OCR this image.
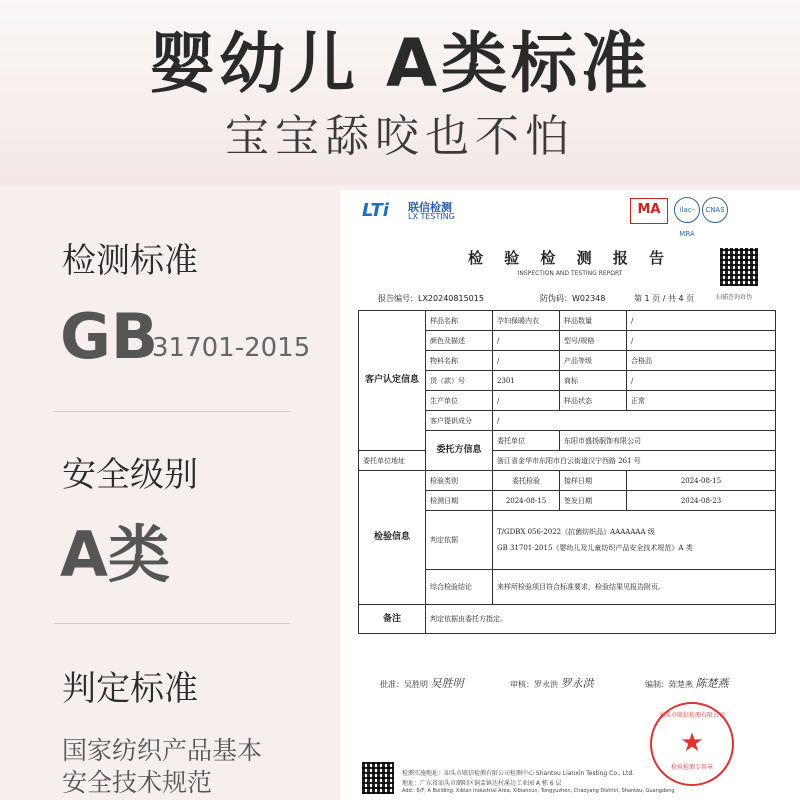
婴幼儿 A类标准
宝宝舔咬也不怕
检测标准
GB
31701-2015
安全级别
A类
判定标准
国家纺织产品基本
安全技术规范
LTi 联信检测
LX TESTING	MA	ilac-MRA
CNAS
检 验 检 测 报 告
INSPECTION AND TESTING REPORT
扫描查询真伪
报告编号：LX20240815015	防伪码：W02348	第 1 页 / 共 4 页
客户认定信息	样品名称	孕妇保暖内衣	样品数量	/
	颜色及描述	/	型号/规格	/
	物料名称	/	产品等级	合格品
	货（款）号	2301	商标	/
	生产单位	/	样品状态	正常
	客户提供成分	/		
	委托方信息	委托单位	东阳市盛扬服饰有限公司	
委托单位地址		浙江省金华市东阳市白云街道汉宁西路 261 号		
检验信息	检验类别	委托检验	接样日期	2024-08-15
	检测日期	2024-08-15	签发日期	2024-08-23
	判定依据	T/GDBX 056-2022《抗菌纺织品》AAAAAAA 级
GB 31701-2015《婴幼儿及儿童纺织产品安全技术规范》A 类		

	综合检验结论	来样所检验项目符合标准要求，检验结果见报告附页。		
备注	判定依据由委托方指定。			
批准：吴胜明 吴胜明	审核：罗永洪 罗永洪	编制：陈楚燕 陈楚燕
汕头市联信检测有限公司
★
检验检测专用章
检测实施地址：汕头市联信检测有限公司检测中心 Shantou Lianxin Testing Co., Ltd.
地址：广东省汕头市潮阳区铜盂镇达村溪边工业园 A 栋 6 层
Add.: 6/F, A Building, Xibian Industrial Area, Xibiancun, Tongyuzhen, Chaoyang District, Shantou, Guangdong
